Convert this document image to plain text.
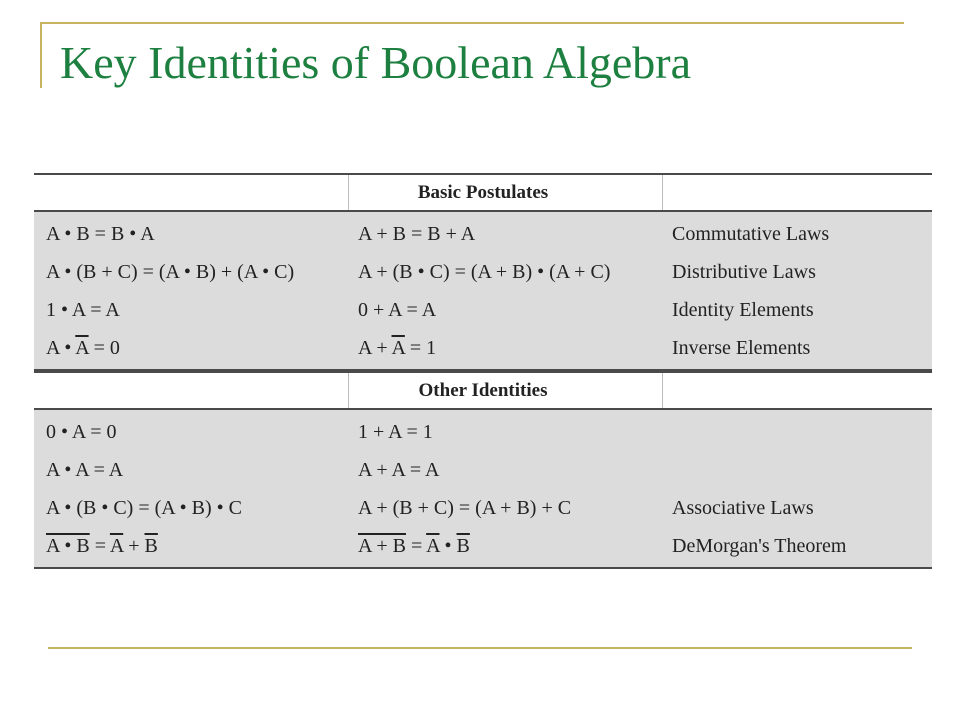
Key Identities of Boolean Algebra
Basic Postulates
A • B = B • A	A + B = B + A	Commutative Laws
A • (B + C) = (A • B) + (A • C)	A + (B • C) = (A + B) • (A + C)	Distributive Laws
1 • A = A	0 + A = A	Identity Elements
A • $\overline{A} = 0$	$A + \overline{A} = 1$	Inverse Elements
Other Identities
0 • A = 0	1 + A = 1
A • A = A	A + A = A
A • (B • C) = (A • B) • C	A + (B + C) = (A + B) + C	Associative Laws
A • $B = \overline{A} + \overline{B}$	$A + B = \overline{A}$ • $\overline{B}$	DeMorgan's Theorem
